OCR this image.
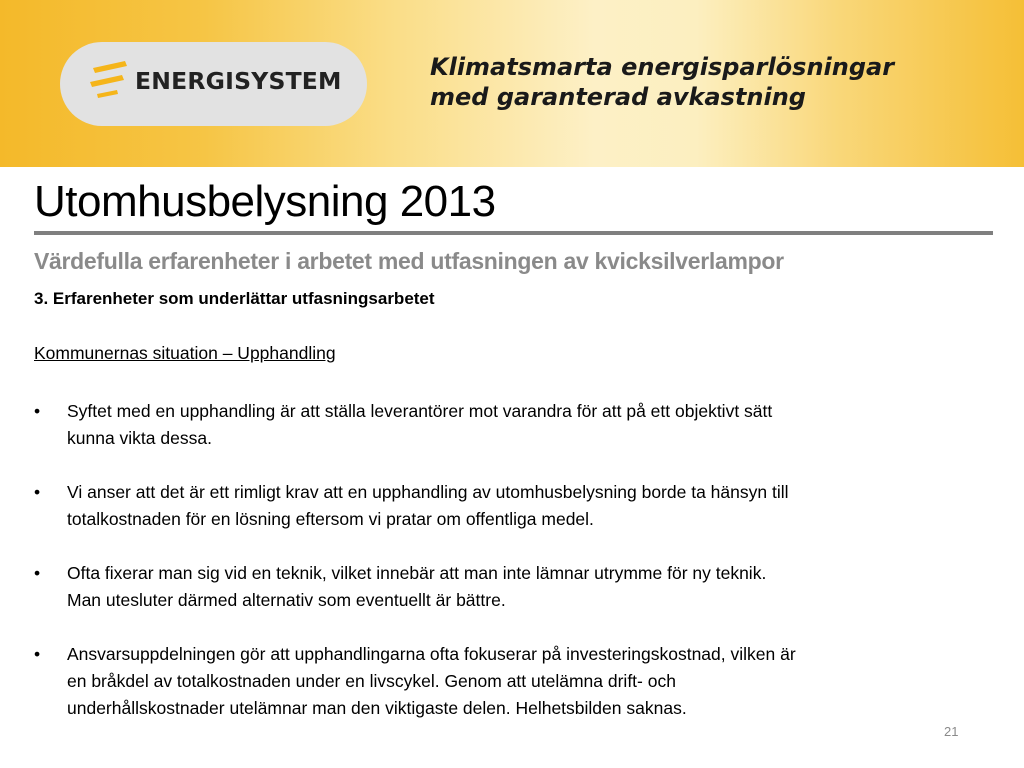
ENERGISYSTEM	Klimatsmarta energisparlösningar
med garanterad avkastning
Utomhusbelysning 2013
Värdefulla erfarenheter i arbetet med utfasningen av kvicksilverlampor
3. Erfarenheter som underlättar utfasningsarbetet
Kommunernas situation – Upphandling
• Syftet med en upphandling är att ställa leverantörer mot varandra för att på ett objektivt sätt
kunna vikta dessa.
• Vi anser att det är ett rimligt krav att en upphandling av utomhusbelysning borde ta hänsyn till
totalkostnaden för en lösning eftersom vi pratar om offentliga medel.
• Ofta fixerar man sig vid en teknik, vilket innebär att man inte lämnar utrymme för ny teknik.
Man utesluter därmed alternativ som eventuellt är bättre.
• Ansvarsuppdelningen gör att upphandlingarna ofta fokuserar på investeringskostnad, vilken är
en bråkdel av totalkostnaden under en livscykel. Genom att utelämna drift- och
underhållskostnader utelämnar man den viktigaste delen. Helhetsbilden saknas.
21
